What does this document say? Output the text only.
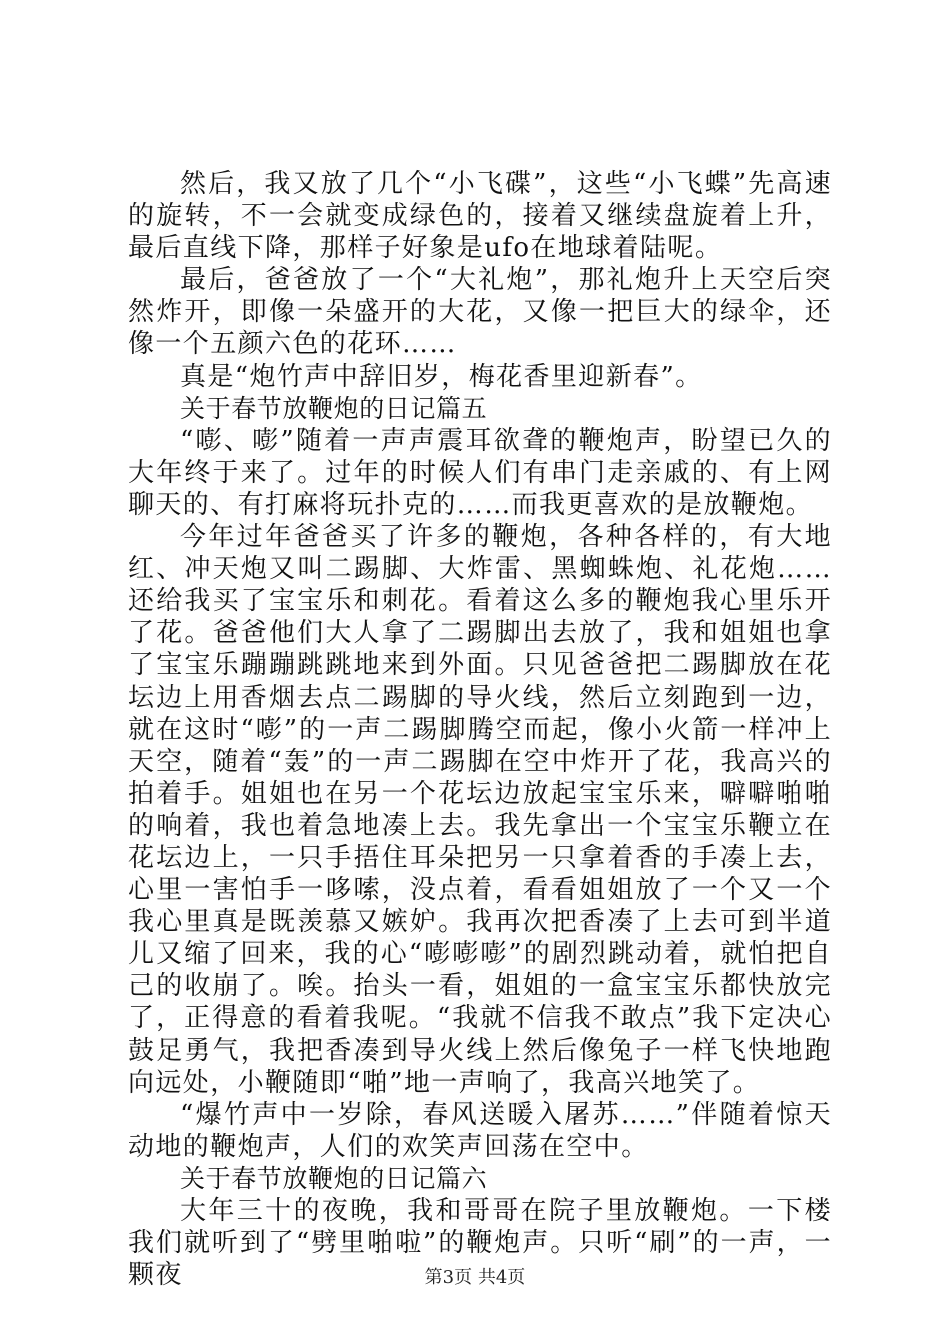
然后，我又放了几个“小飞碟”，这些“小飞蝶”先高速的旋转，不一会就变成绿色的，接着又继续盘旋着上升，最后直线下降，那样子好象是ufo在地球着陆呢。

最后，爸爸放了一个“大礼炮”，那礼炮升上天空后突然炸开，即像一朵盛开的大花，又像一把巨大的绿伞，还像一个五颜六色的花环……

真是“炮竹声中辞旧岁，梅花香里迎新春”。

关于春节放鞭炮的日记篇五

“嘭、嘭”随着一声声震耳欲聋的鞭炮声，盼望已久的大年终于来了。过年的时候人们有串门走亲戚的、有上网聊天的、有打麻将玩扑克的……而我更喜欢的是放鞭炮。

今年过年爸爸买了许多的鞭炮，各种各样的，有大地红、冲天炮又叫二踢脚、大炸雷、黑蜘蛛炮、礼花炮……还给我买了宝宝乐和刺花。看着这么多的鞭炮我心里乐开了花。爸爸他们大人拿了二踢脚出去放了，我和姐姐也拿了宝宝乐蹦蹦跳跳地来到外面。只见爸爸把二踢脚放在花坛边上用香烟去点二踢脚的导火线，然后立刻跑到一边，就在这时“嘭”的一声二踢脚腾空而起，像小火箭一样冲上天空，随着“轰”的一声二踢脚在空中炸开了花，我高兴的拍着手。姐姐也在另一个花坛边放起宝宝乐来，噼噼啪啪的响着，我也着急地凑上去。我先拿出一个宝宝乐鞭立在花坛边上，一只手捂住耳朵把另一只拿着香的手凑上去，心里一害怕手一哆嗦，没点着，看看姐姐放了一个又一个我心里真是既羡慕又嫉妒。我再次把香凑了上去可到半道儿又缩了回来，我的心“嘭嘭嘭”的剧烈跳动着，就怕把自己的收崩了。唉。抬头一看，姐姐的一盒宝宝乐都快放完了，正得意的看着我呢。“我就不信我不敢点”我下定决心鼓足勇气，我把香凑到导火线上然后像兔子一样飞快地跑向远处，小鞭随即“啪”地一声响了，我高兴地笑了。

“爆竹声中一岁除，春风送暖入屠苏……”伴随着惊天动地的鞭炮声，人们的欢笑声回荡在空中。

关于春节放鞭炮的日记篇六

大年三十的夜晚，我和哥哥在院子里放鞭炮。一下楼我们就听到了“劈里啪啦”的鞭炮声。只听“刷”的一声，一颗夜	第3页 共4页
